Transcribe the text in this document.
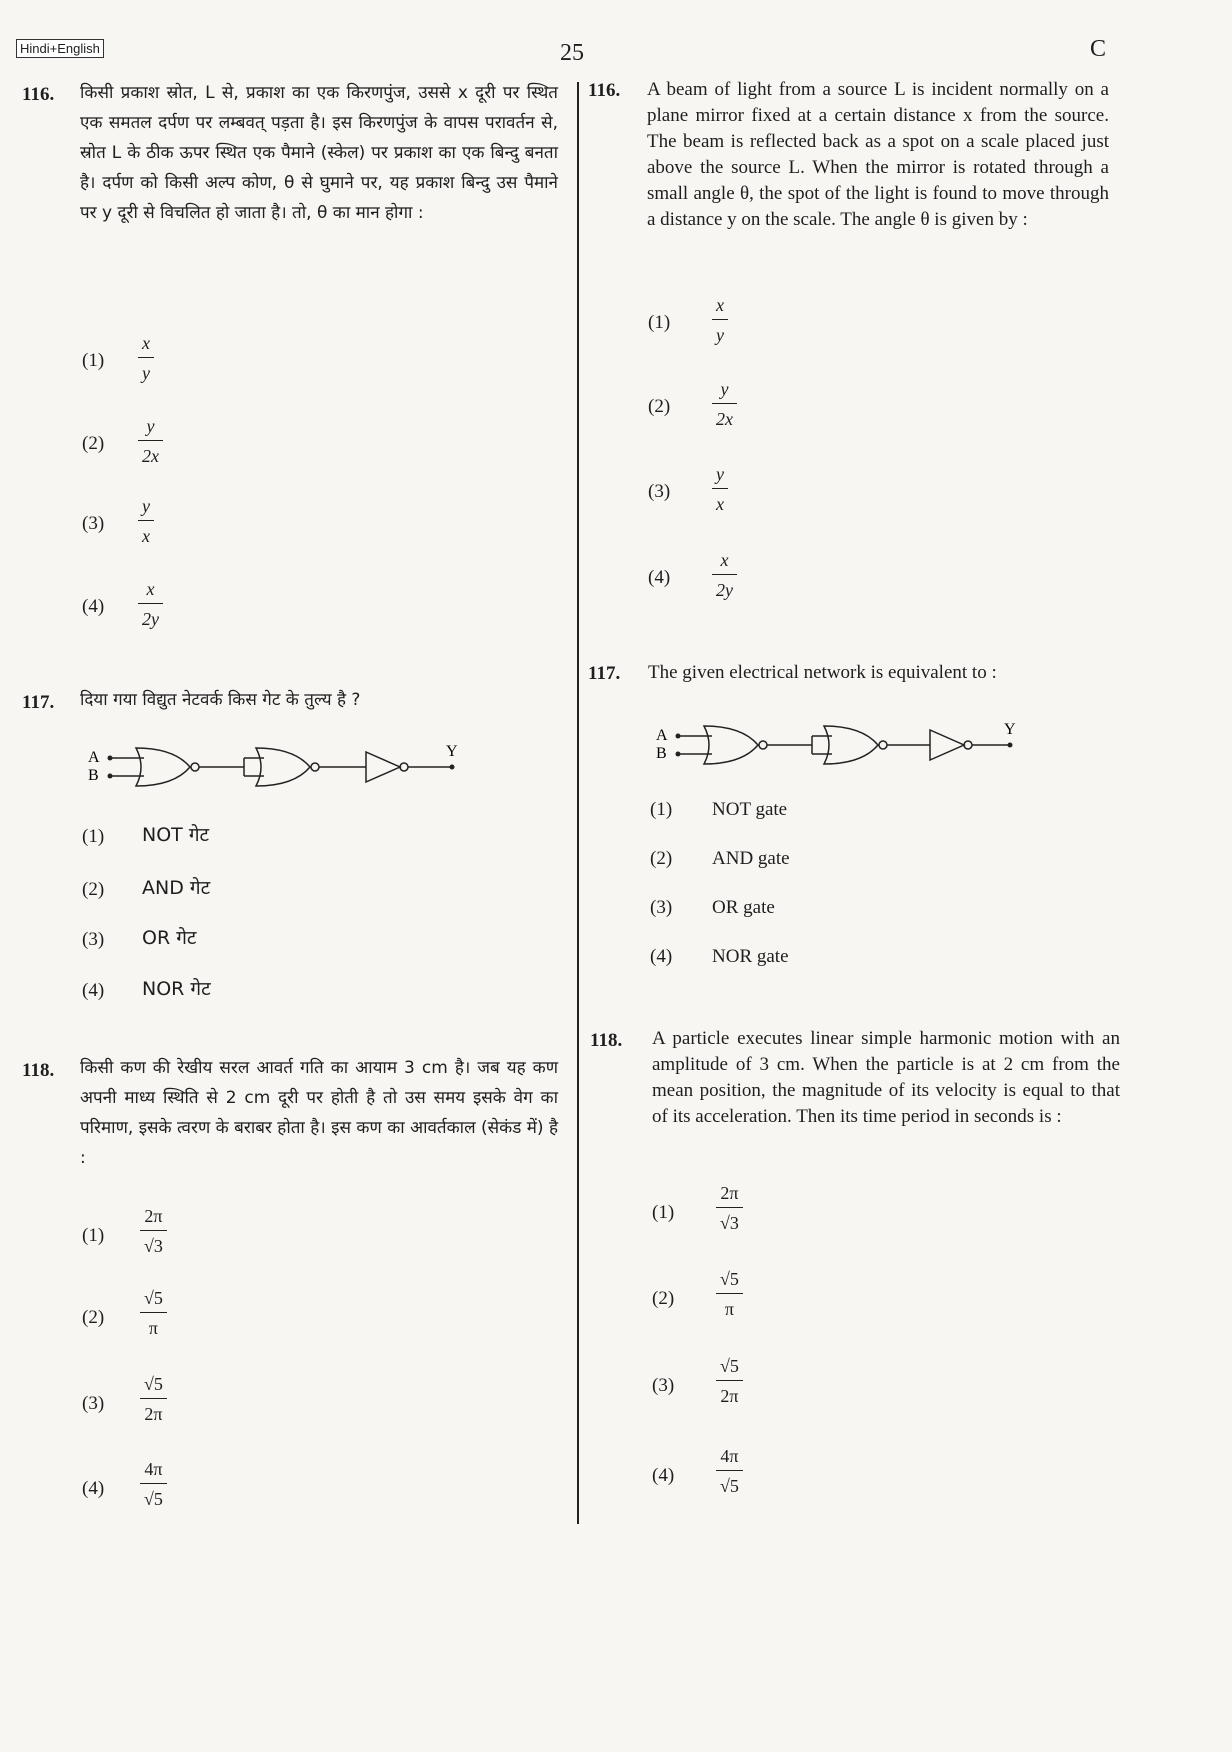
Hindi+English	25	C
116. किसी प्रकाश स्रोत, L से, प्रकाश का एक किरणपुंज, उससे x दूरी पर स्थित एक समतल दर्पण पर लम्बवत् पड़ता है। इस किरणपुंज के वापस परावर्तन से, स्रोत L के ठीक ऊपर स्थित एक पैमाने (स्केल) पर प्रकाश का एक बिन्दु बनता है। दर्पण को किसी अल्प कोण, θ से घुमाने पर, यह प्रकाश बिन्दु उस पैमाने पर y दूरी से विचलित हो जाता है। तो, θ का मान होगा :
(1)
x
y
(2)
y
2x
(3)
y
x
(4)
x
2y
117. दिया गया विद्युत नेटवर्क किस गेट के तुल्य है ?
A
B
Y
(1) NOT गेट
(2) AND गेट
(3) OR गेट
(4) NOR गेट
118. किसी कण की रेखीय सरल आवर्त गति का आयाम 3 cm है। जब यह कण अपनी माध्य स्थिति से 2 cm दूरी पर होती है तो उस समय इसके वेग का परिमाण, इसके त्वरण के बराबर होता है। इस कण का आवर्तकाल (सेकंड में) है :
(1)
2π
√3
(2)
√5
π
(3)
√5
2π
(4)
4π
√5
116. A beam of light from a source L is incident normally on a plane mirror fixed at a certain distance x from the source. The beam is reflected back as a spot on a scale placed just above the source L. When the mirror is rotated through a small angle θ, the spot of the light is found to move through a distance y on the scale. The angle θ is given by :
(1)
x
y
(2)
y
2x
(3)
y
x
(4)
x
2y
117. The given electrical network is equivalent to :
A
B
Y
(1) NOT gate
(2) AND gate
(3) OR gate
(4) NOR gate
118. A particle executes linear simple harmonic motion with an amplitude of 3 cm. When the particle is at 2 cm from the mean position, the magnitude of its velocity is equal to that of its acceleration. Then its time period in seconds is :
(1)
2π
√3
(2)
√5
π
(3)
√5
2π
(4)
4π
√5
